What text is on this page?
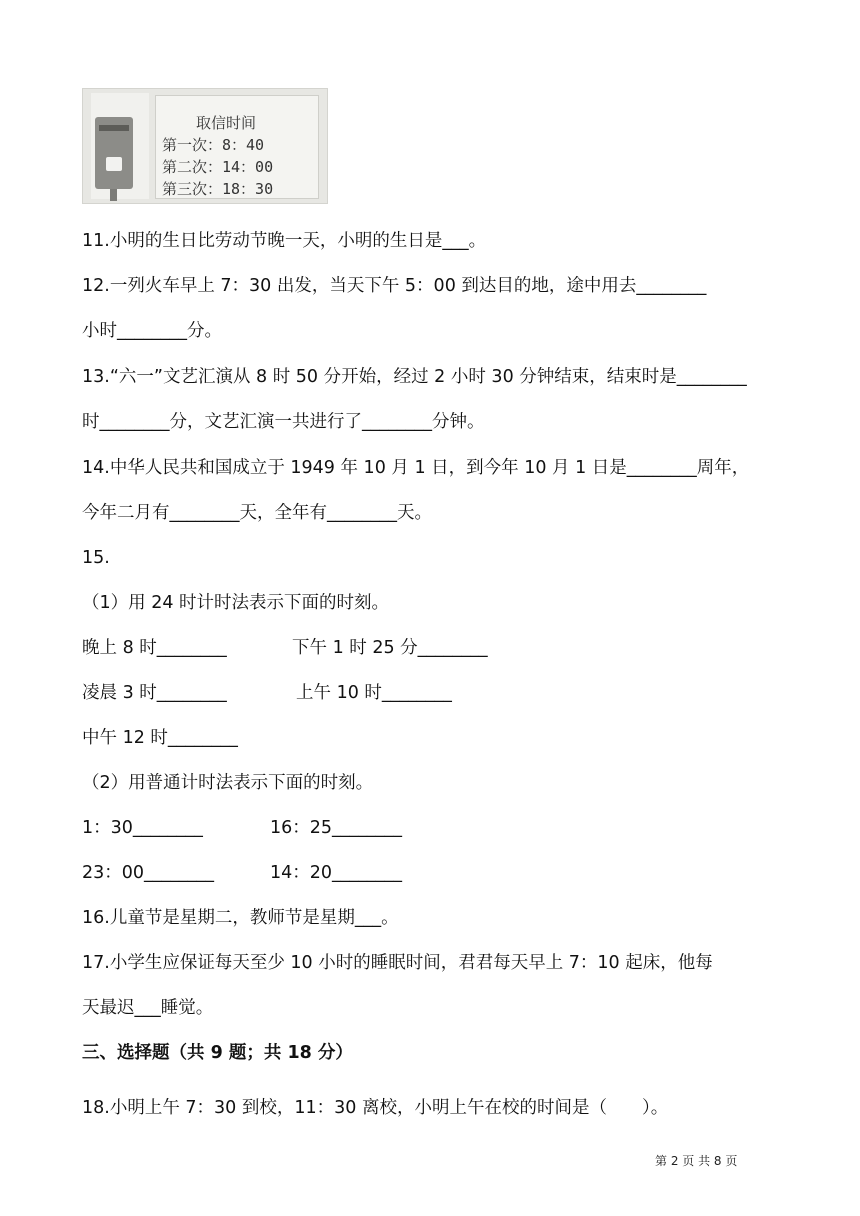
取信时间
第一次：8：40
第二次：14：00
第三次：18：30
11.小明的生日比劳动节晚一天，小明的生日是___。
12.一列火车早上 7：30 出发，当天下午 5：00 到达目的地，途中用去________
小时________分。
13.“六一”文艺汇演从 8 时 50 分开始，经过 2 小时 30 分钟结束，结束时是________
时________分，文艺汇演一共进行了________分钟。
14.中华人民共和国成立于 1949 年 10 月 1 日，到今年 10 月 1 日是________周年，
今年二月有________天，全年有________天。
15.
（1）用 24 时计时法表示下面的时刻。
晚上 8 时________	下午 1 时 25 分________
凌晨 3 时________	上午 10 时________
中午 12 时________
（2）用普通计时法表示下面的时刻。
1：30________	16：25________
23：00________	14：20________
16.儿童节是星期二，教师节是星期___。
17.小学生应保证每天至少 10 小时的睡眠时间，君君每天早上 7：10 起床，他每
天最迟___睡觉。
三、选择题（共 9 题；共 18 分）
18.小明上午 7：30 到校，11：30 离校，小明上午在校的时间是（　　）。
第 2 页 共 8 页
